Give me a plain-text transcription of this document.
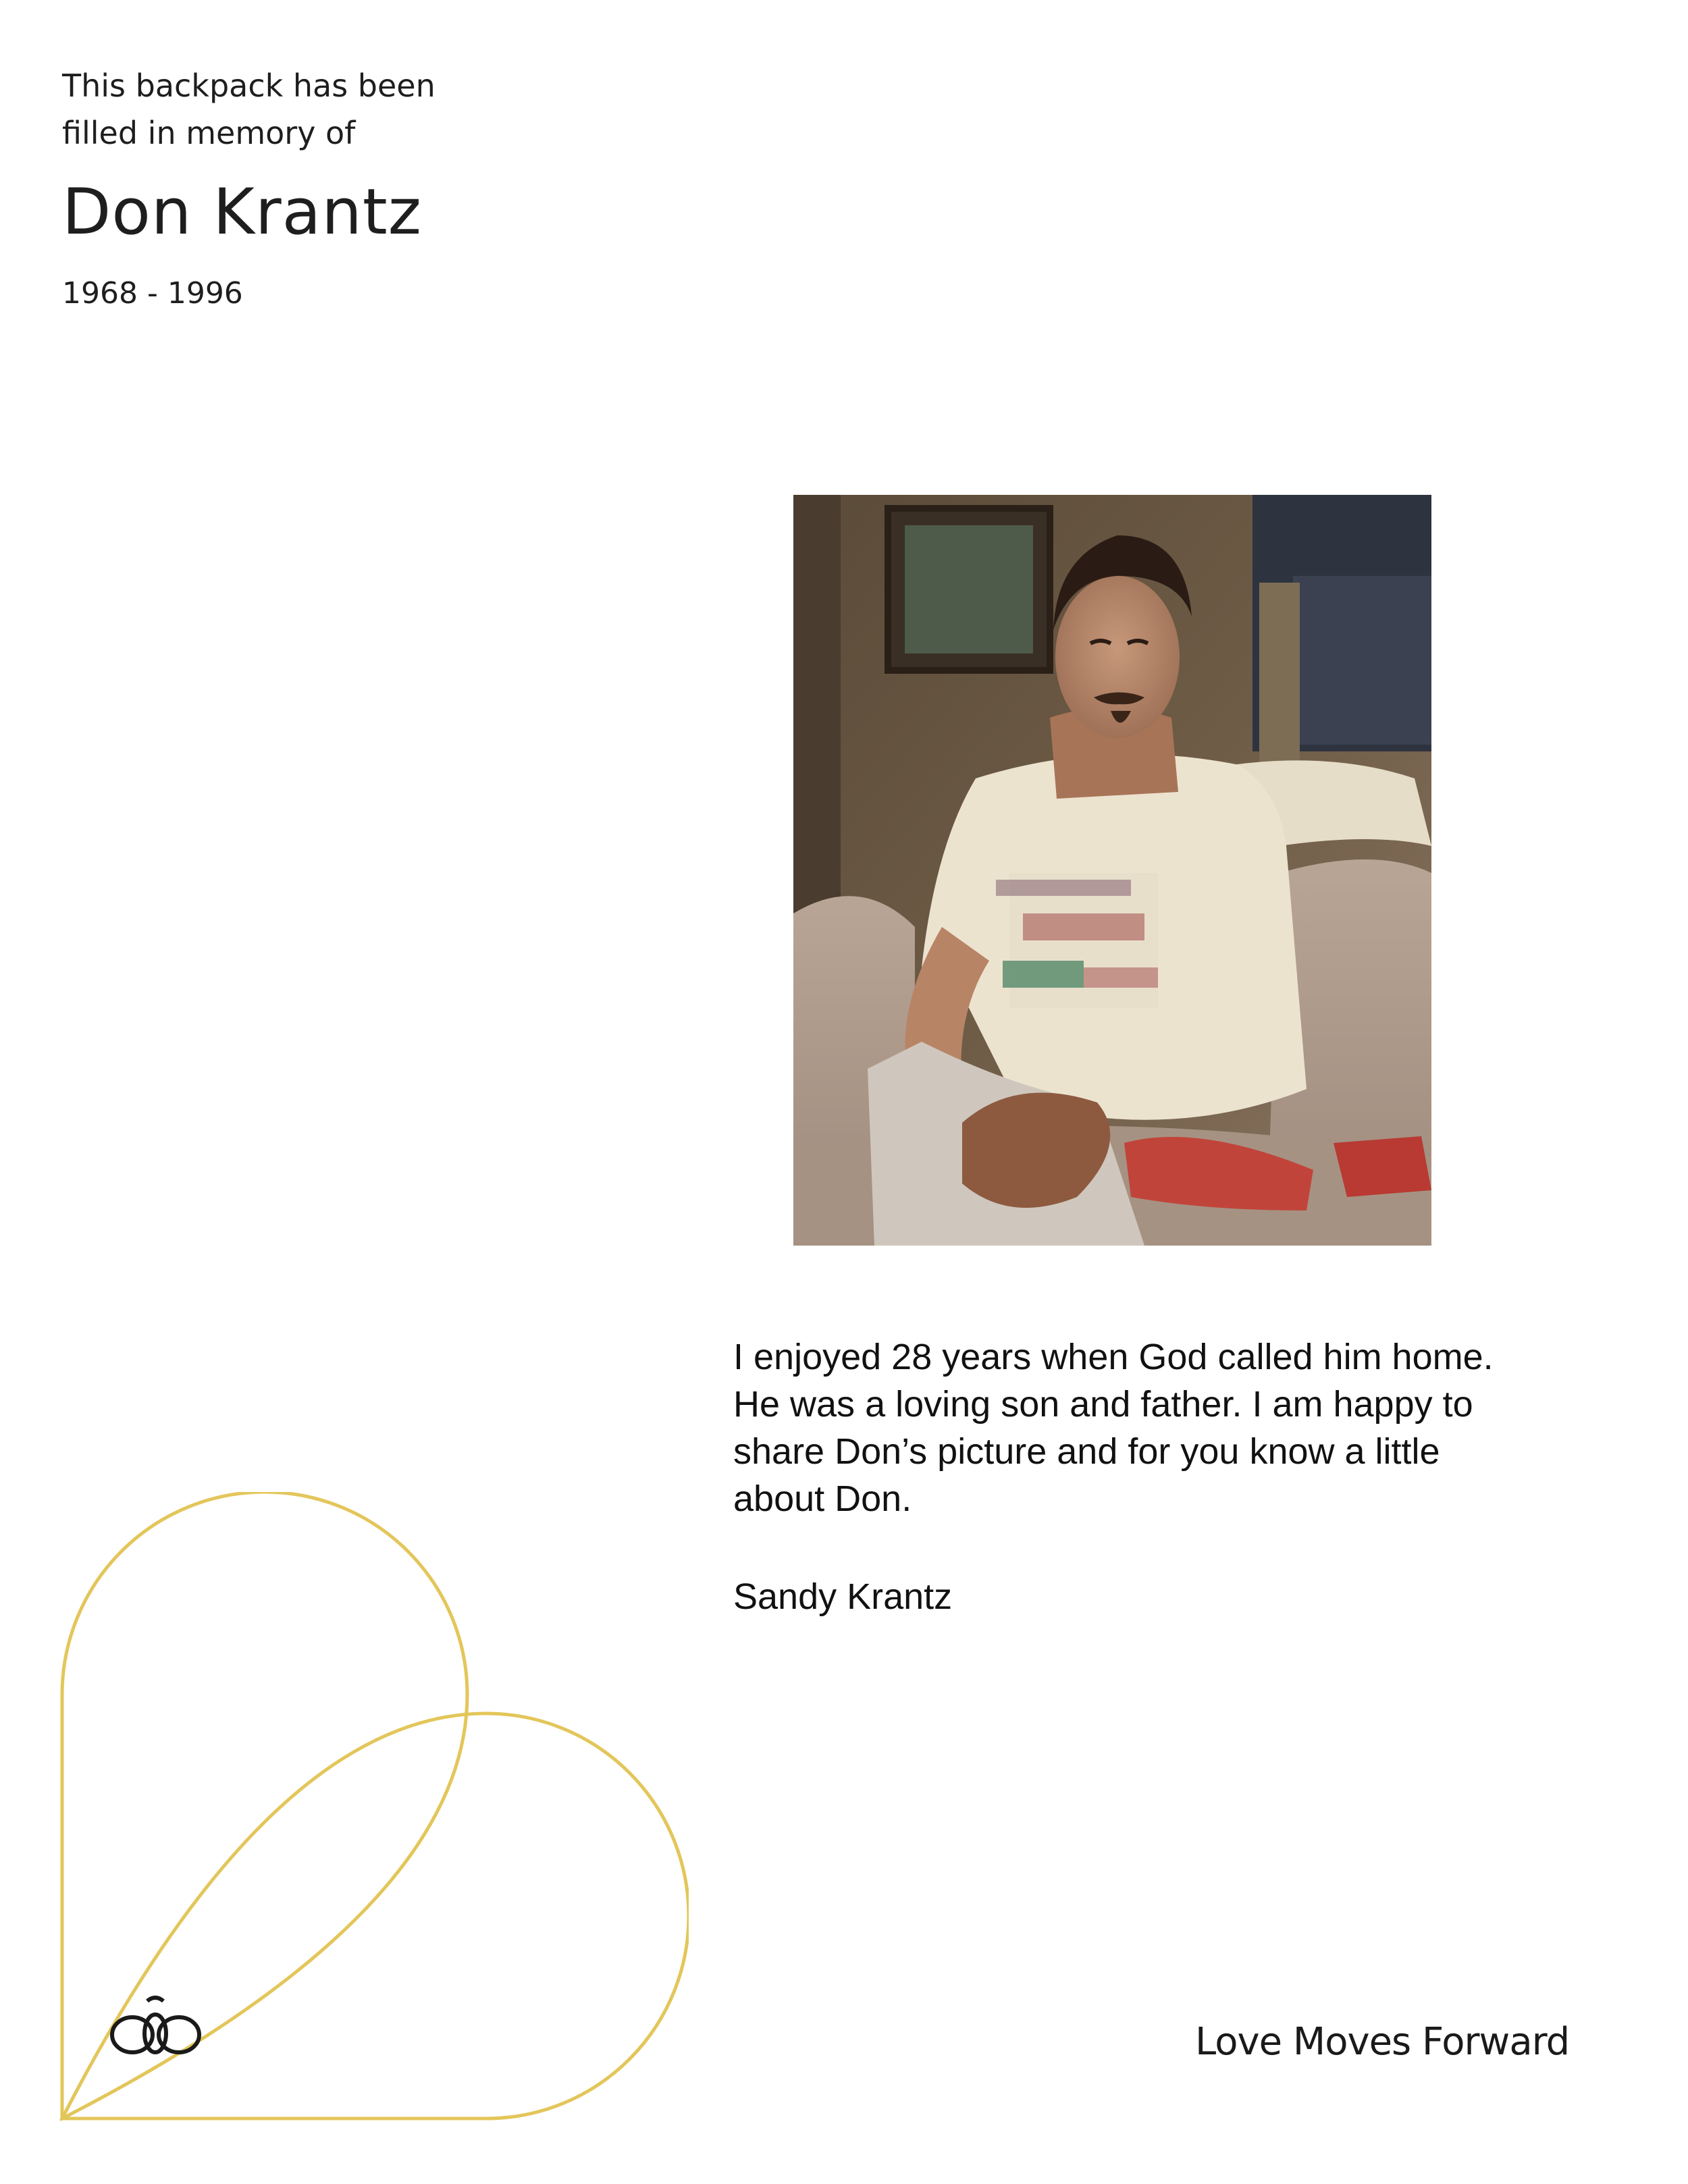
This backpack has been
filled in memory of
Don Krantz
1968 - 1996
I enjoyed 28 years when God called him home.
He was a loving son and father. I am happy to
share Don’s picture and for you know a little
about Don.
Sandy Krantz
Love Moves Forward
